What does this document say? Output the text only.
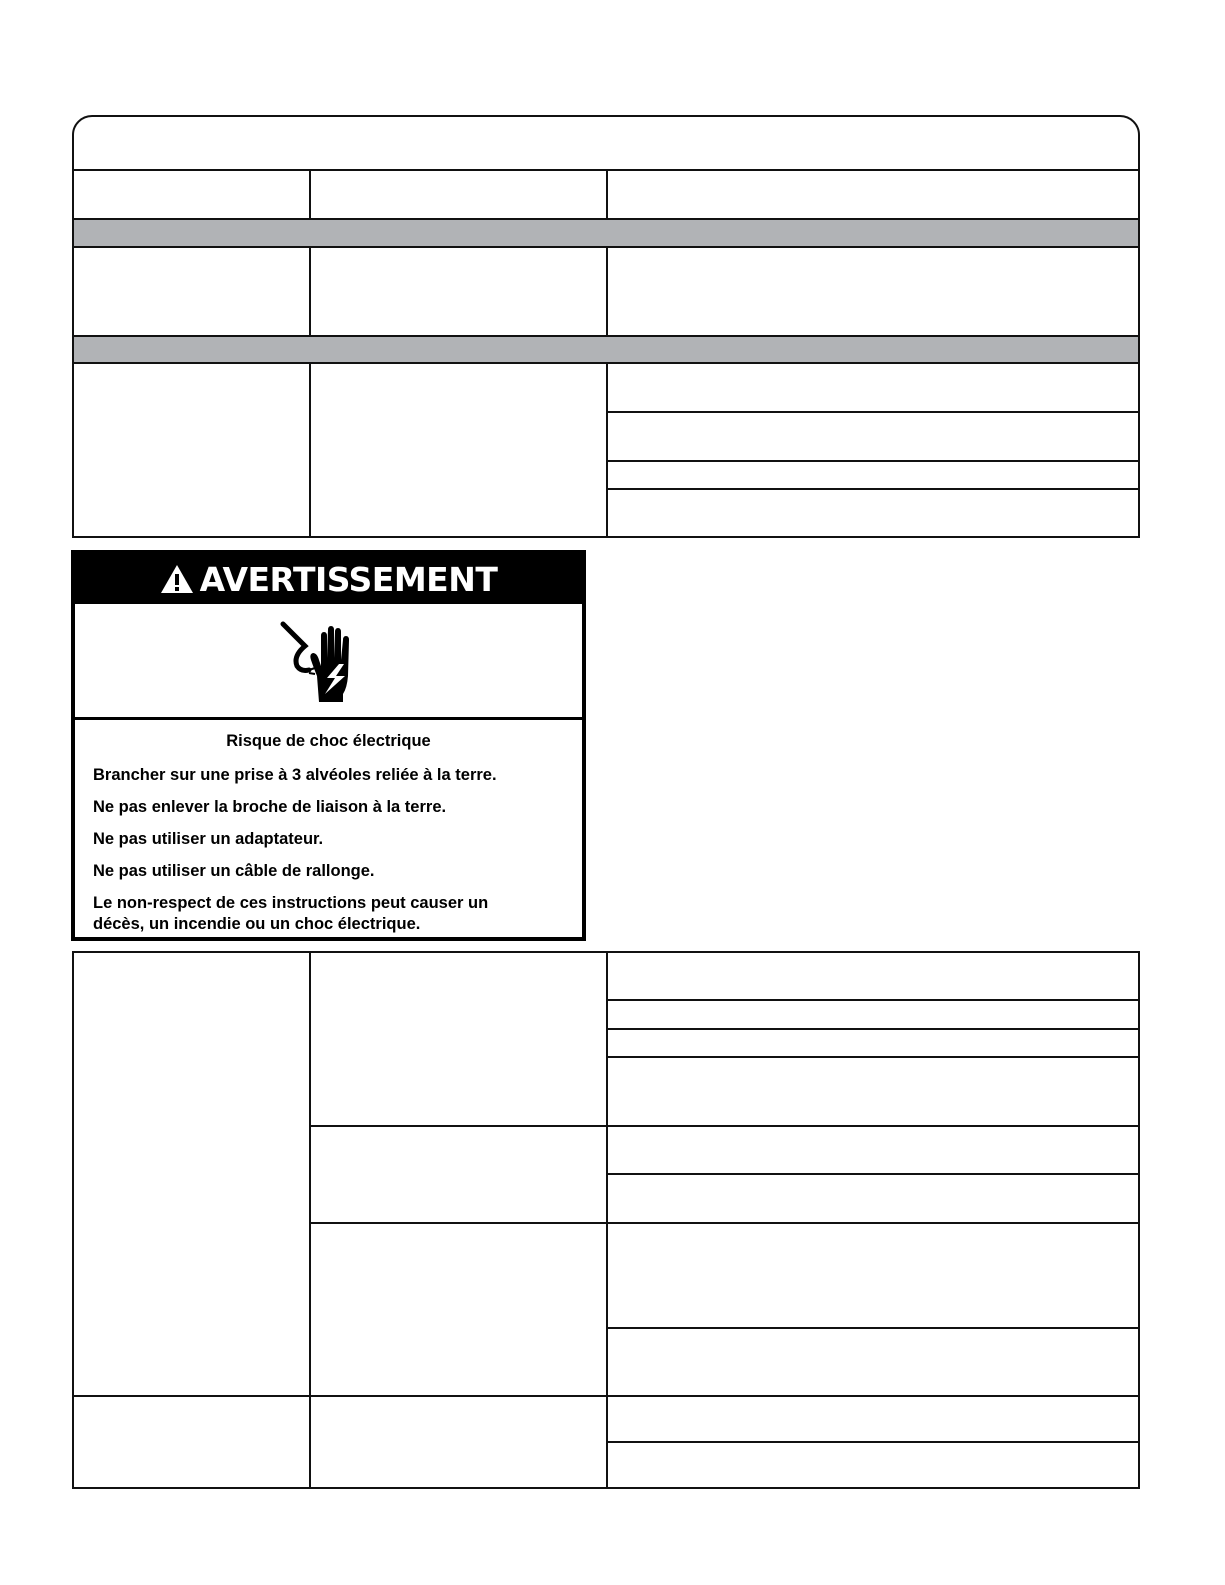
AVERTISSEMENT

Risque de choc électrique

Brancher sur une prise à 3 alvéoles reliée à la terre.

Ne pas enlever la broche de liaison à la terre.

Ne pas utiliser un adaptateur.

Ne pas utiliser un câble de rallonge.

Le non-respect de ces instructions peut causer un décès, un incendie ou un choc électrique.
